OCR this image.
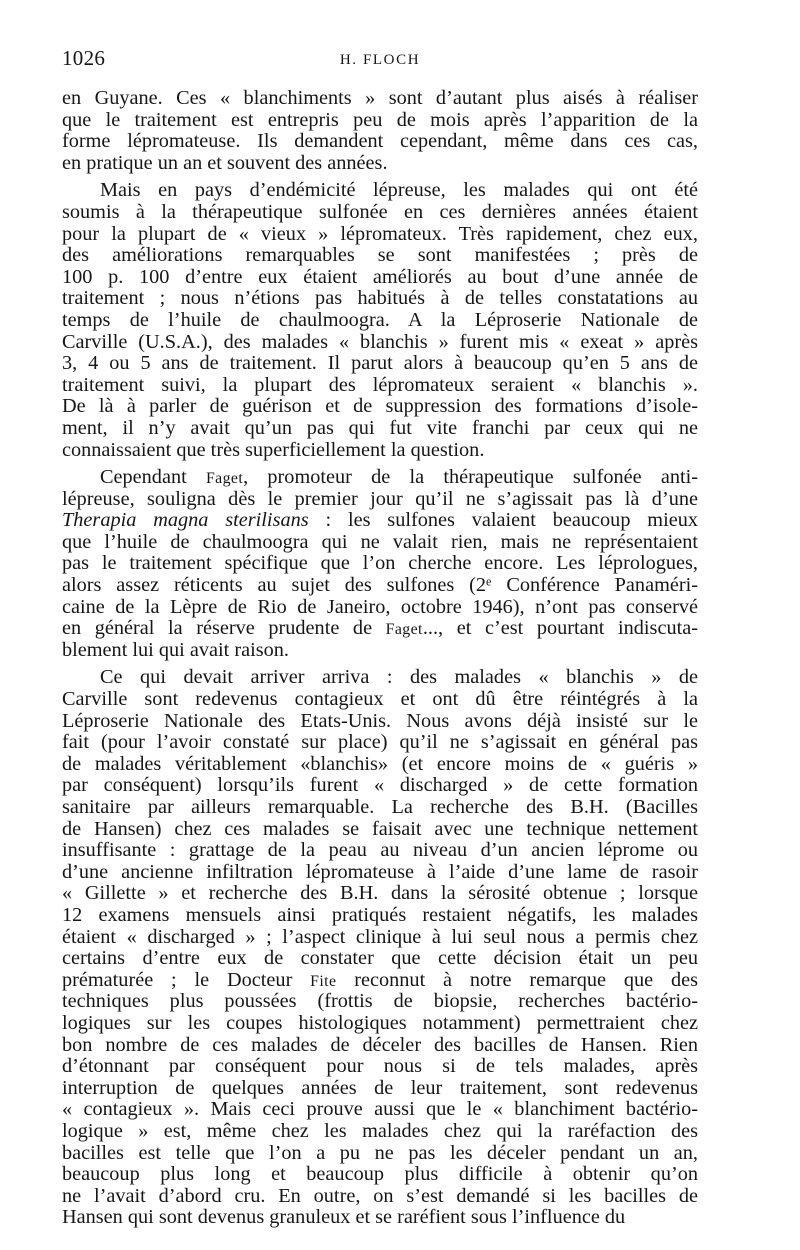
1026	H. FLOCH
en Guyane. Ces « blanchiments » sont d’autant plus aisés à réaliser
que le traitement est entrepris peu de mois après l’apparition de la
forme lépromateuse. Ils demandent cependant, même dans ces cas,
en pratique un an et souvent des années.
Mais en pays d’endémicité lépreuse, les malades qui ont été
soumis à la thérapeutique sulfonée en ces dernières années étaient
pour la plupart de « vieux » lépromateux. Très rapidement, chez eux,
des améliorations remarquables se sont manifestées ; près de
100 p. 100 d’entre eux étaient améliorés au bout d’une année de
traitement ; nous n’étions pas habitués à de telles constatations au
temps de l’huile de chaulmoogra. A la Léproserie Nationale de
Carville (U.S.A.), des malades « blanchis » furent mis « exeat » après
3, 4 ou 5 ans de traitement. Il parut alors à beaucoup qu’en 5 ans de
traitement suivi, la plupart des lépromateux seraient « blanchis ».
De là à parler de guérison et de suppression des formations d’isole-
ment, il n’y avait qu’un pas qui fut vite franchi par ceux qui ne
connaissaient que très superficiellement la question.
Cependant Faget, promoteur de la thérapeutique sulfonée anti-
lépreuse, souligna dès le premier jour qu’il ne s’agissait pas là d’une
Therapia magna sterilisans : les sulfones valaient beaucoup mieux
que l’huile de chaulmoogra qui ne valait rien, mais ne représentaient
pas le traitement spécifique que l’on cherche encore. Les léprologues,
alors assez réticents au sujet des sulfones (2e Conférence Panaméri-
caine de la Lèpre de Rio de Janeiro, octobre 1946), n’ont pas conservé
en général la réserve prudente de Faget..., et c’est pourtant indiscuta-
blement lui qui avait raison.
Ce qui devait arriver arriva : des malades « blanchis » de
Carville sont redevenus contagieux et ont dû être réintégrés à la
Léproserie Nationale des Etats-Unis. Nous avons déjà insisté sur le
fait (pour l’avoir constaté sur place) qu’il ne s’agissait en général pas
de malades véritablement «blanchis» (et encore moins de « guéris »
par conséquent) lorsqu’ils furent « discharged » de cette formation
sanitaire par ailleurs remarquable. La recherche des B.H. (Bacilles
de Hansen) chez ces malades se faisait avec une technique nettement
insuffisante : grattage de la peau au niveau d’un ancien léprome ou
d’une ancienne infiltration lépromateuse à l’aide d’une lame de rasoir
« Gillette » et recherche des B.H. dans la sérosité obtenue ; lorsque
12 examens mensuels ainsi pratiqués restaient négatifs, les malades
étaient « discharged » ; l’aspect clinique à lui seul nous a permis chez
certains d’entre eux de constater que cette décision était un peu
prématurée ; le Docteur Fite reconnut à notre remarque que des
techniques plus poussées (frottis de biopsie, recherches bactério-
logiques sur les coupes histologiques notamment) permettraient chez
bon nombre de ces malades de déceler des bacilles de Hansen. Rien
d’étonnant par conséquent pour nous si de tels malades, après
interruption de quelques années de leur traitement, sont redevenus
« contagieux ». Mais ceci prouve aussi que le « blanchiment bactério-
logique » est, même chez les malades chez qui la raréfaction des
bacilles est telle que l’on a pu ne pas les déceler pendant un an,
beaucoup plus long et beaucoup plus difficile à obtenir qu’on
ne l’avait d’abord cru. En outre, on s’est demandé si les bacilles de
Hansen qui sont devenus granuleux et se raréfient sous l’influence du
